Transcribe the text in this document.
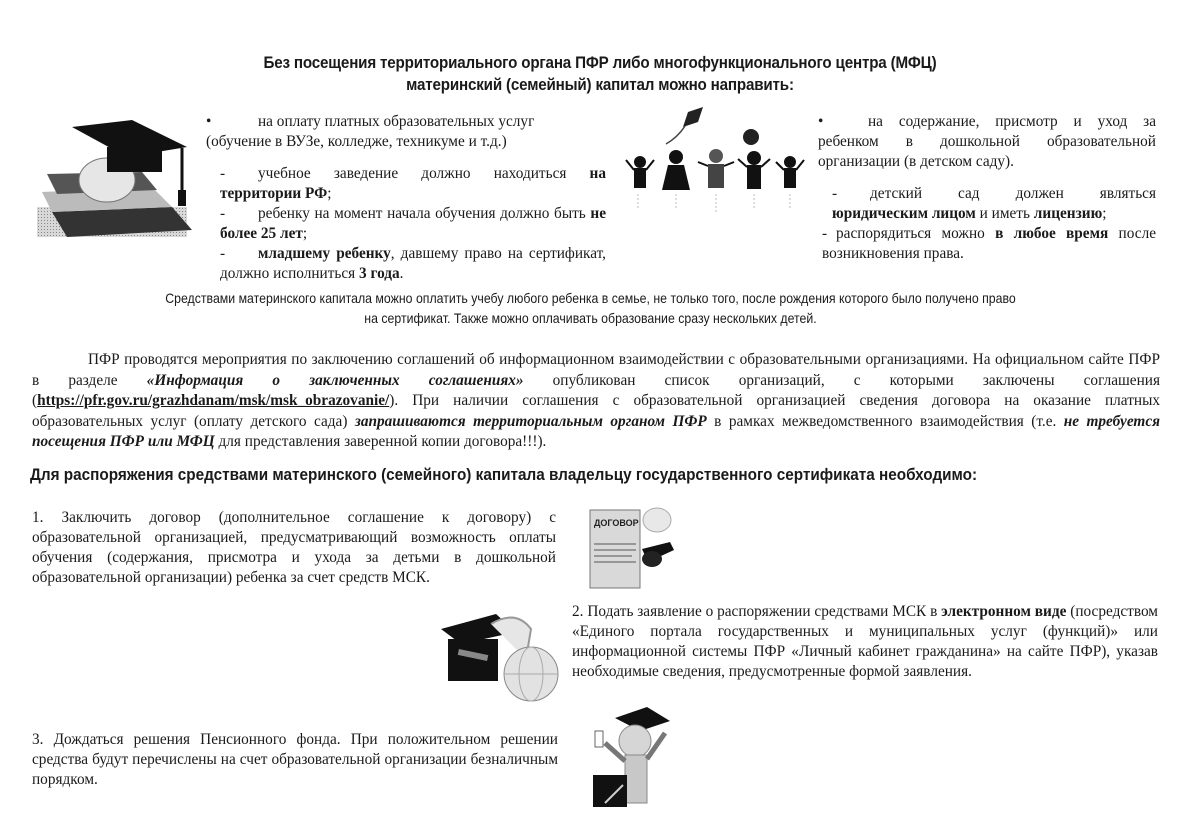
Без посещения территориального органа ПФР либо многофункционального центра (МФЦ)
материнский (семейный) капитал можно направить:
•	на оплату платных образовательных услуг
(обучение в ВУЗе, колледже, техникуме и т.д.)
- учебное заведение должно находиться на территории РФ;
- ребенку на момент начала обучения должно быть не более 25 лет;
- младшему ребенку, давшему право на сертификат, должно исполниться 3 года.
•	на содержание, присмотр и уход за ребенком в дошкольной образовательной организации (в детском саду).
- детский сад должен являться юридическим лицом и иметь лицензию;
- распорядиться можно в любое время после возникновения права.
Средствами материнского капитала можно оплатить учебу любого ребенка в семье, не только того, после рождения которого было получено право
на сертификат. Также можно оплачивать образование сразу нескольких детей.
ПФР проводятся мероприятия по заключению соглашений об информационном взаимодействии с образовательными организациями. На официальном сайте ПФР в разделе «Информация о заключенных соглашениях» опубликован список организаций, с которыми заключены соглашения (https://pfr.gov.ru/grazhdanam/msk/msk_obrazovanie/). При наличии соглашения с образовательной организацией сведения договора на оказание платных образовательных услуг (оплату детского сада) запрашиваются территориальным органом ПФР в рамках межведомственного взаимодействия (т.е. не требуется посещения ПФР или МФЦ для представления заверенной копии договора!!!).
Для распоряжения средствами материнского (семейного) капитала владельцу государственного сертификата необходимо:
1. Заключить договор (дополнительное соглашение к договору) с образовательной организацией, предусматривающий возможность оплаты обучения (содержания, присмотра и ухода за детьми в дошкольной образовательной организации) ребенка за счет средств МСК.
ДОГОВОР
2. Подать заявление о распоряжении средствами МСК в электронном виде (посредством «Единого портала государственных и муниципальных услуг (функций)» или информационной системы ПФР «Личный кабинет гражданина» на сайте ПФР), указав необходимые сведения, предусмотренные формой заявления.
3. Дождаться решения Пенсионного фонда. При положительном решении средства будут перечислены на счет образовательной организации безналичным порядком.
